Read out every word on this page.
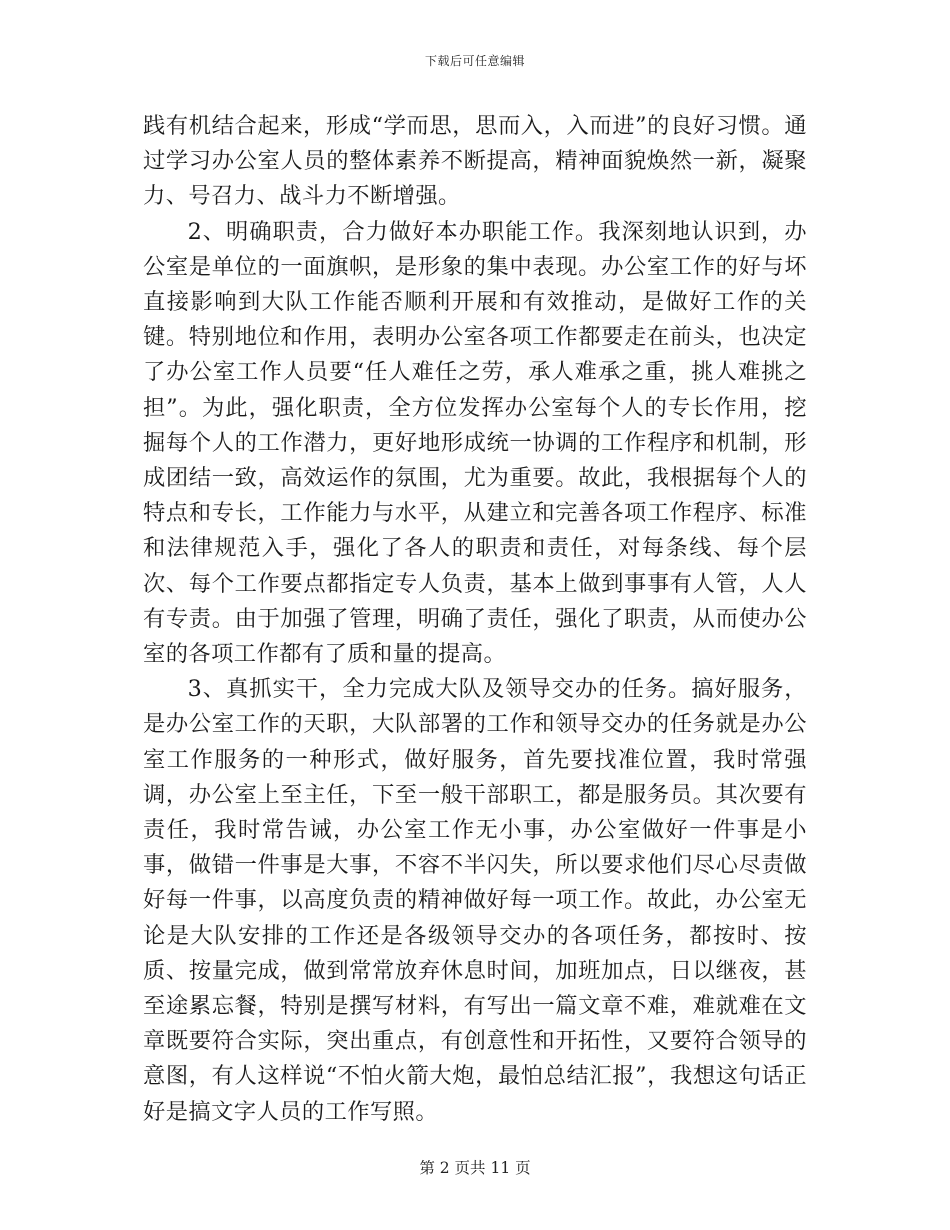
下载后可任意编辑

践有机结合起来，形成“学而思，思而入，入而进”的良好习惯。通过学习办公室人员的整体素养不断提高，精神面貌焕然一新，凝聚力、号召力、战斗力不断增强。

2、明确职责，合力做好本办职能工作。我深刻地认识到，办公室是单位的一面旗帜，是形象的集中表现。办公室工作的好与坏直接影响到大队工作能否顺利开展和有效推动，是做好工作的关键。特别地位和作用，表明办公室各项工作都要走在前头，也决定了办公室工作人员要“任人难任之劳，承人难承之重，挑人难挑之担”。为此，强化职责，全方位发挥办公室每个人的专长作用，挖掘每个人的工作潜力，更好地形成统一协调的工作程序和机制，形成团结一致，高效运作的氛围，尤为重要。故此，我根据每个人的特点和专长，工作能力与水平，从建立和完善各项工作程序、标准和法律规范入手，强化了各人的职责和责任，对每条线、每个层次、每个工作要点都指定专人负责，基本上做到事事有人管，人人有专责。由于加强了管理，明确了责任，强化了职责，从而使办公室的各项工作都有了质和量的提高。

3、真抓实干，全力完成大队及领导交办的任务。搞好服务，是办公室工作的天职，大队部署的工作和领导交办的任务就是办公室工作服务的一种形式，做好服务，首先要找准位置，我时常强调，办公室上至主任，下至一般干部职工，都是服务员。其次要有责任，我时常告诫，办公室工作无小事，办公室做好一件事是小事，做错一件事是大事，不容不半闪失，所以要求他们尽心尽责做好每一件事，以高度负责的精神做好每一项工作。故此，办公室无论是大队安排的工作还是各级领导交办的各项任务，都按时、按质、按量完成，做到常常放弃休息时间，加班加点，日以继夜，甚至途累忘餐，特别是撰写材料，有写出一篇文章不难，难就难在文章既要符合实际，突出重点，有创意性和开拓性，又要符合领导的意图，有人这样说“不怕火箭大炮，最怕总结汇报”，我想这句话正好是搞文字人员的工作写照。

第 2 页共 11 页
